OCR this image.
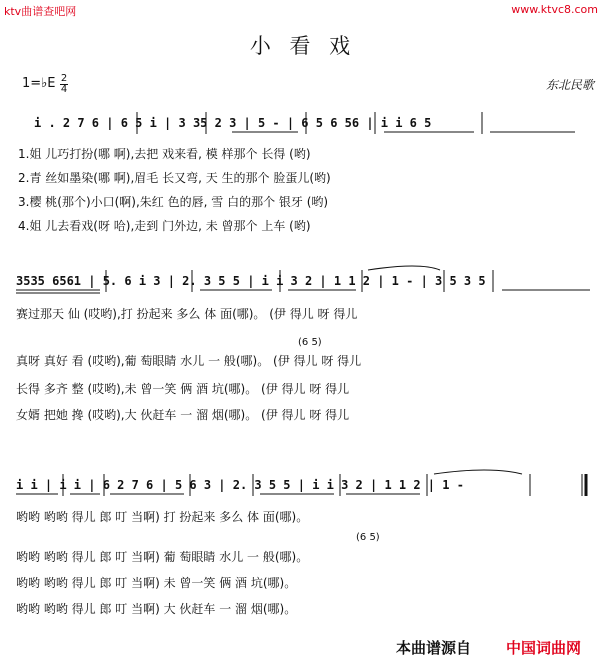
ktv曲谱查吧网	www.ktvc8.com
小 看 戏
1=♭E 2
4	东北民歌
i . 2 7 6 | 6 5 i | 3 35 2 3 | 5 - | 6 5 6 56 | i i 6 5
1.姐 儿巧打扮(哪 啊),去把 戏来看, 模 样那个 长得 (哟)
2.青 丝如墨染(哪 啊),眉毛 长又弯, 天 生的那个 脸蛋儿(哟)
3.樱 桃(那个)小口(啊),朱红 色的唇, 雪 白的那个 银牙 (哟)
4.姐 儿去看戏(呀 哈),走到 门外边, 未 曾那个 上车 (哟)
3535 6561 | 5. 6 i 3 | 2. 3 5 5 | i i 3 2 | 1 1 2 | 1 - | 3 5 3 5
赛过那天 仙 (哎哟),打 扮起来 多么 体 面(哪)。 (伊 得儿 呀 得儿
(6 5)
真呀 真好 看 (哎哟),葡 萄眼睛 水儿 一 般(哪)。 (伊 得儿 呀 得儿
长得 多齐 整 (哎哟),未 曾一笑 俩 酒 坑(哪)。 (伊 得儿 呀 得儿
女婿 把她 搀 (哎哟),大 伙赶车 一 溜 烟(哪)。 (伊 得儿 呀 得儿
i i | i i | 6 2 7 6 | 5 6 3 | 2. 3 5 5 | i i 3 2 | 1 1 2 | 1 -
哟哟 哟哟 得儿 郎 叮 当啊) 打 扮起来 多么 体 面(哪)。
(6 5)
哟哟 哟哟 得儿 郎 叮 当啊) 葡 萄眼睛 水儿 一 般(哪)。
哟哟 哟哟 得儿 郎 叮 当啊) 未 曾一笑 俩 酒 坑(哪)。
哟哟 哟哟 得儿 郎 叮 当啊) 大 伙赶车 一 溜 烟(哪)。
本曲谱源自 中国词曲网
